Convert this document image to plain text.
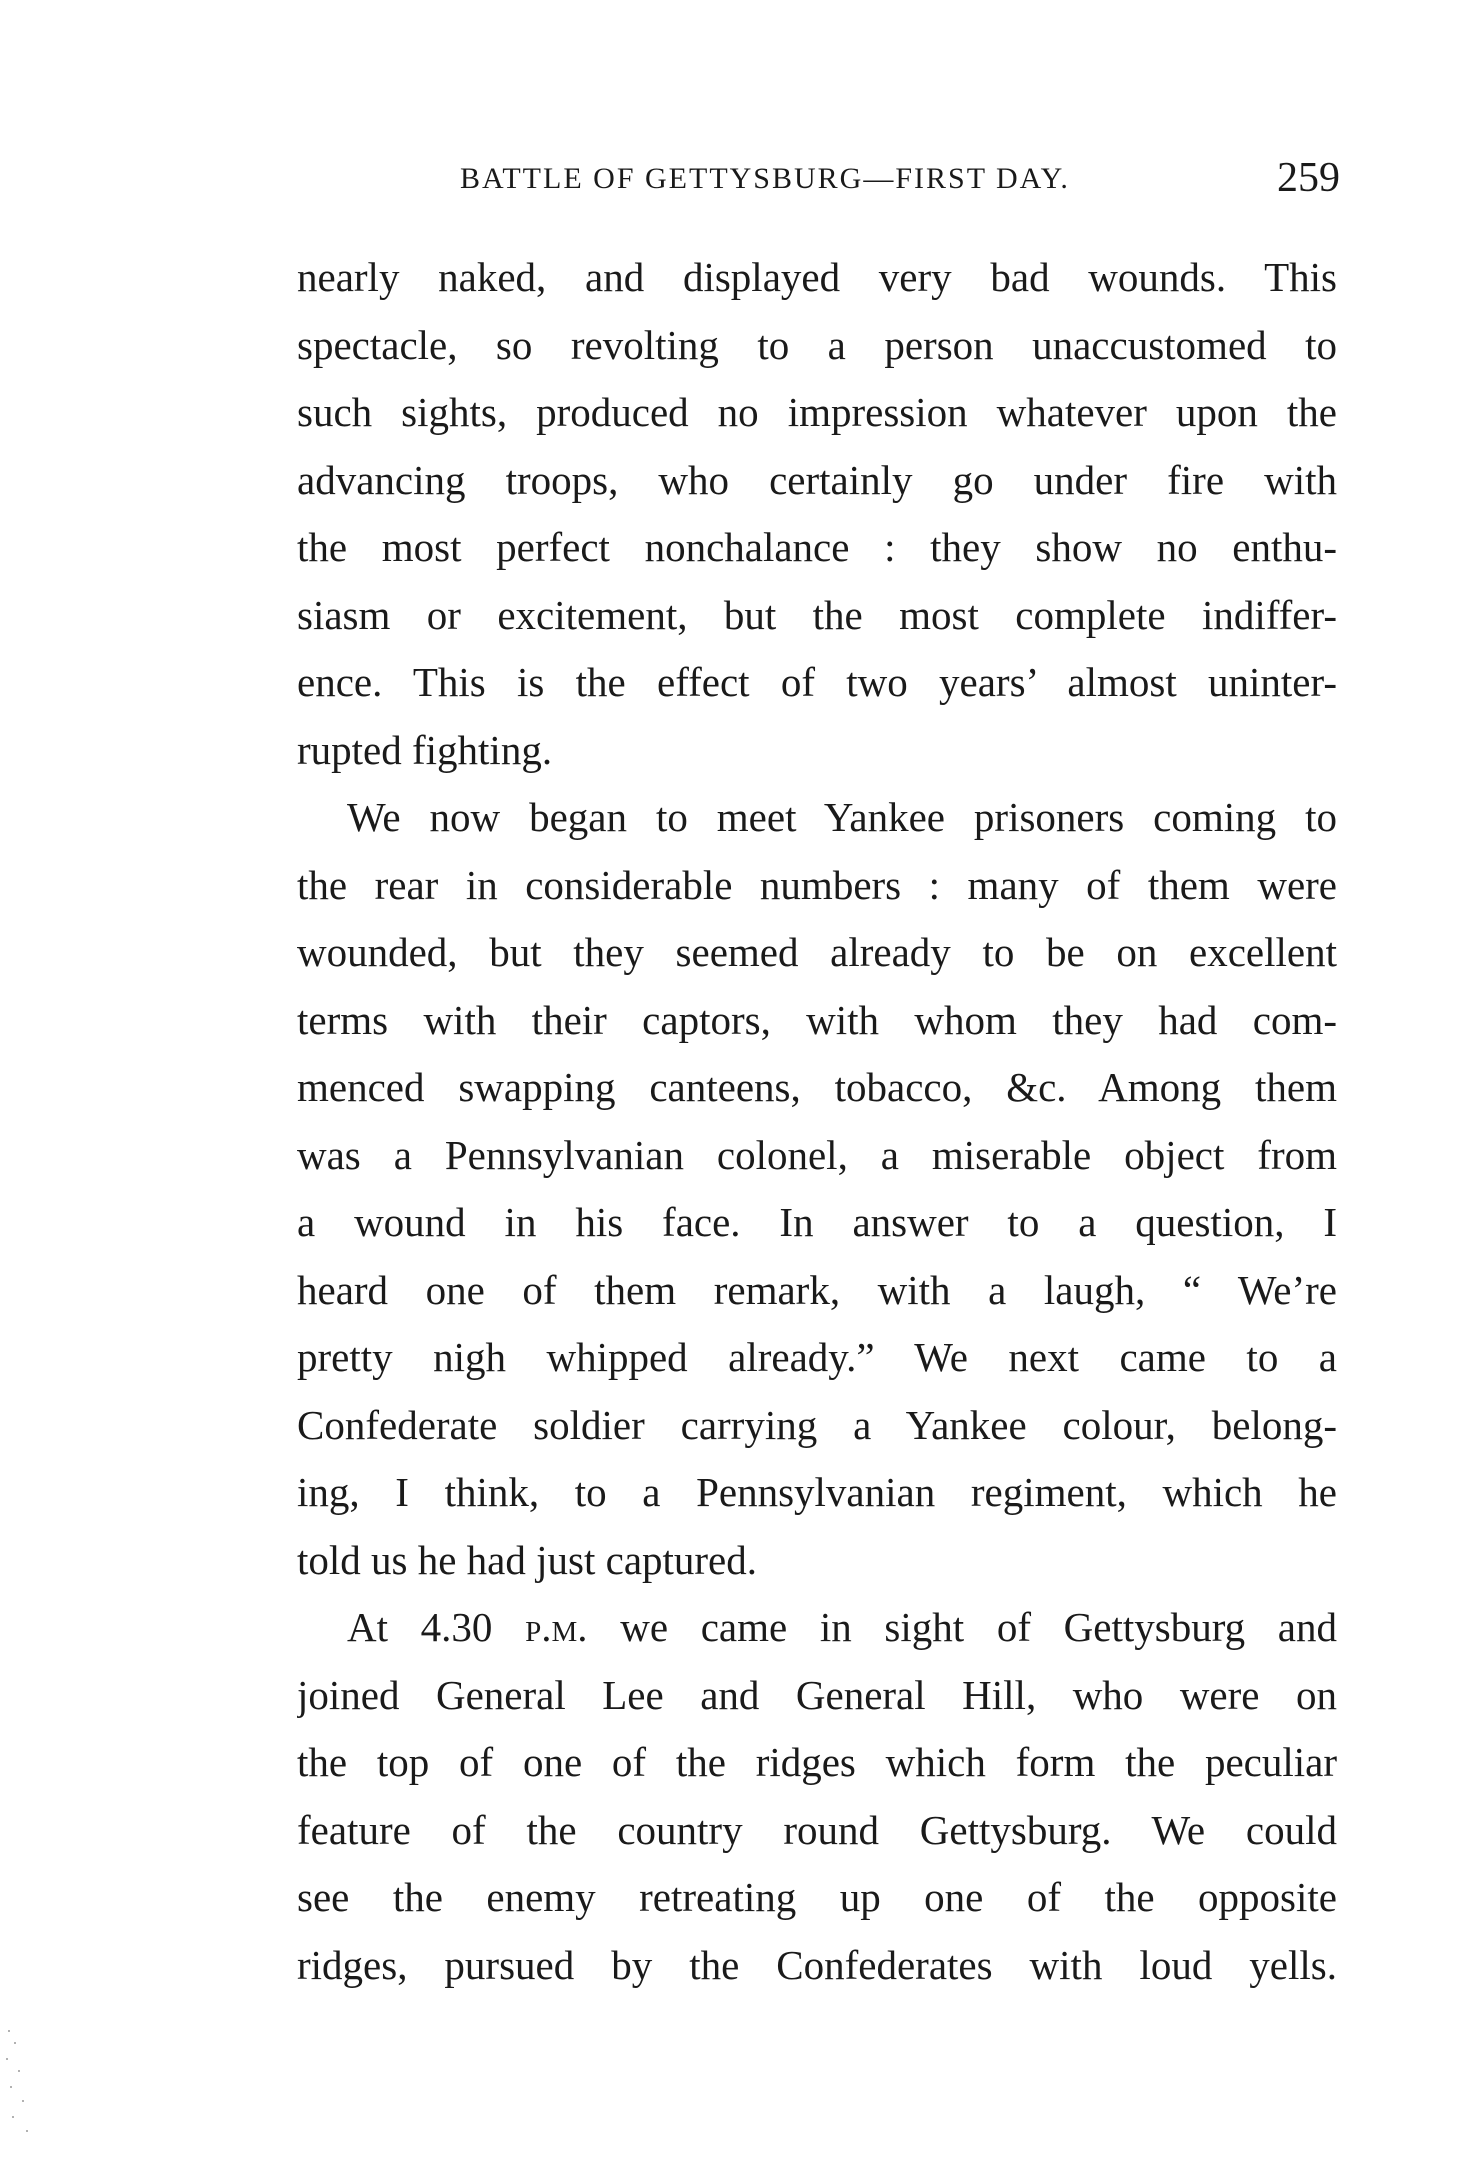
BATTLE OF GETTYSBURG—FIRST DAY.	259
nearly naked, and displayed very bad wounds. This
spectacle, so revolting to a person unaccustomed to
such sights, produced no impression whatever upon the
advancing troops, who certainly go under fire with
the most perfect nonchalance : they show no enthu-
siasm or excitement, but the most complete indiffer-
ence. This is the effect of two years’ almost uninter-
rupted fighting.
We now began to meet Yankee prisoners coming to
the rear in considerable numbers : many of them were
wounded, but they seemed already to be on excellent
terms with their captors, with whom they had com-
menced swapping canteens, tobacco, &c. Among them
was a Pennsylvanian colonel, a miserable object from
a wound in his face. In answer to a question, I
heard one of them remark, with a laugh, “ We’re
pretty nigh whipped already.” We next came to a
Confederate soldier carrying a Yankee colour, belong-
ing, I think, to a Pennsylvanian regiment, which he
told us he had just captured.
At 4.30 p.m. we came in sight of Gettysburg and
joined General Lee and General Hill, who were on
the top of one of the ridges which form the peculiar
feature of the country round Gettysburg. We could
see the enemy retreating up one of the opposite
ridges, pursued by the Confederates with loud yells.
